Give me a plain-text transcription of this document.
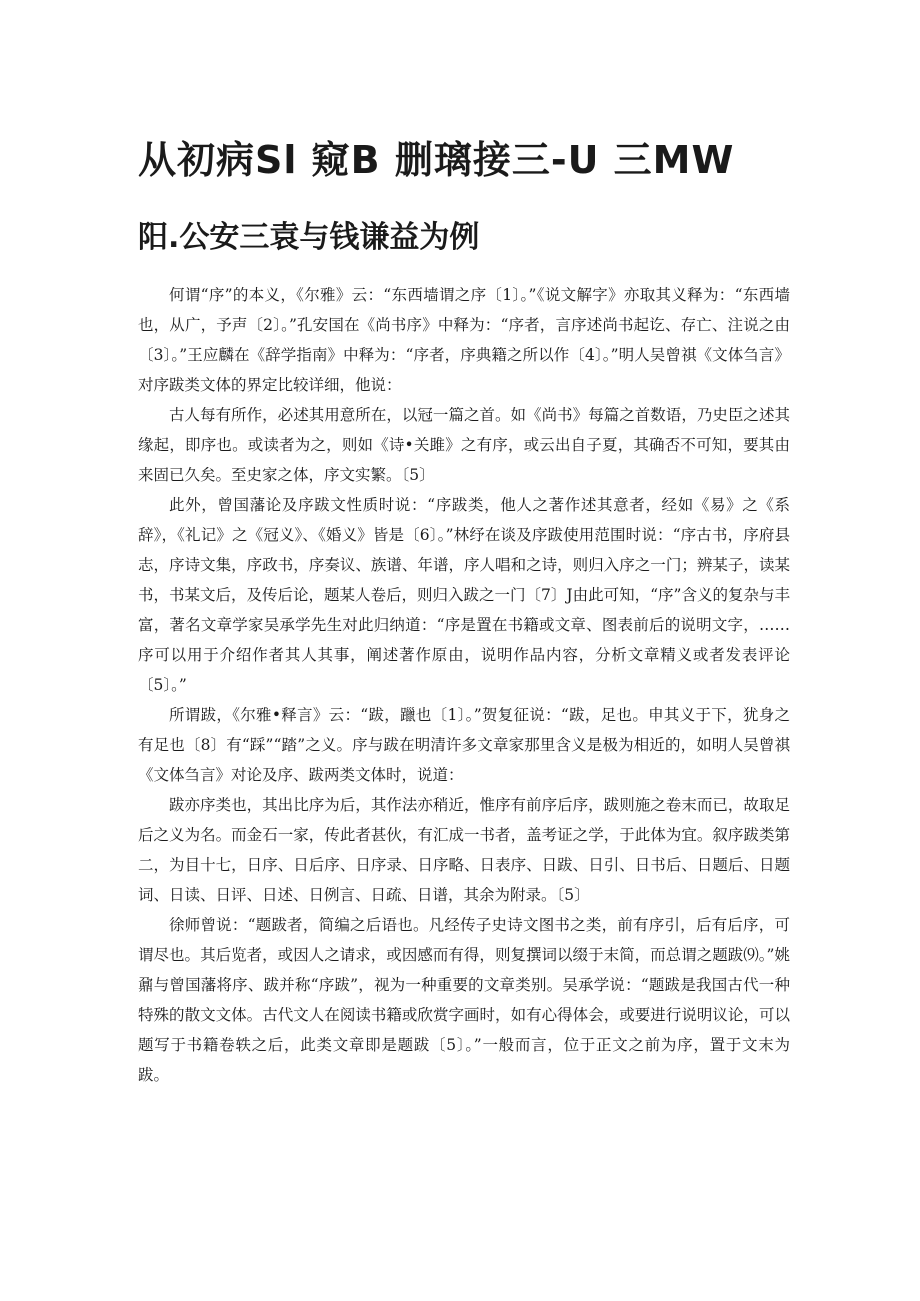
从初病Sl 窥B 删璃接三-U 三MW
阳.公安三袁与钱谦益为例

何谓“序”的本义，《尔雅》云：“东西墙谓之序〔1〕。”《说文解字》亦取其义释为：“东西墙也，从广，予声〔2〕。”孔安国在《尚书序》中释为：“序者，言序述尚书起讫、存亡、注说之由〔3〕。”王应麟在《辞学指南》中释为：“序者，序典籍之所以作〔4〕。”明人吴曾祺《文体刍言》对序跋类文体的界定比较详细，他说：

古人每有所作，必述其用意所在，以冠一篇之首。如《尚书》每篇之首数语，乃史臣之述其缘起，即序也。或读者为之，则如《诗•关雎》之有序，或云出自子夏，其确否不可知，要其由来固已久矣。至史家之体，序文实繁。〔5〕

此外，曾国藩论及序跋文性质时说：“序跋类，他人之著作述其意者，经如《易》之《系辞》，《礼记》之《冠义》、《婚义》皆是〔6〕。”林纾在谈及序跋使用范围时说：“序古书，序府县志，序诗文集，序政书，序奏议、族谱、年谱，序人唱和之诗，则归入序之一门；辨某子，读某书，书某文后，及传后论，题某人卷后，则归入跋之一门〔7〕J由此可知，“序”含义的复杂与丰富，著名文章学家吴承学先生对此归纳道：“序是置在书籍或文章、图表前后的说明文字，……序可以用于介绍作者其人其事，阐述著作原由，说明作品内容，分析文章精义或者发表评论〔5〕。”

所谓跋，《尔雅•释言》云：“跋，躐也〔1〕。”贺复征说：“跋，足也。申其义于下，犹身之有足也〔8〕有“踩”“踏”之义。序与跋在明清许多文章家那里含义是极为相近的，如明人吴曾祺《文体刍言》对论及序、跋两类文体时，说道：

跋亦序类也，其出比序为后，其作法亦稍近，惟序有前序后序，跋则施之卷末而已，故取足后之义为名。而金石一家，传此者甚伙，有汇成一书者，盖考证之学，于此体为宜。叙序跋类第二，为目十七，日序、日后序、日序录、日序略、日表序、日跋、日引、日书后、日题后、日题词、日读、日评、日述、日例言、日疏、日谱，其余为附录。〔5〕

徐师曾说：“题跋者，简编之后语也。凡经传子史诗文图书之类，前有序引，后有后序，可谓尽也。其后览者，或因人之请求，或因感而有得，则复撰词以缀于末简，而总谓之题跋⑼。”姚鼐与曾国藩将序、跋并称“序跋”，视为一种重要的文章类别。吴承学说：“题跋是我国古代一种特殊的散文文体。古代文人在阅读书籍或欣赏字画时，如有心得体会，或要进行说明议论，可以题写于书籍卷轶之后，此类文章即是题跋〔5〕。”一般而言，位于正文之前为序，置于文末为跋。
